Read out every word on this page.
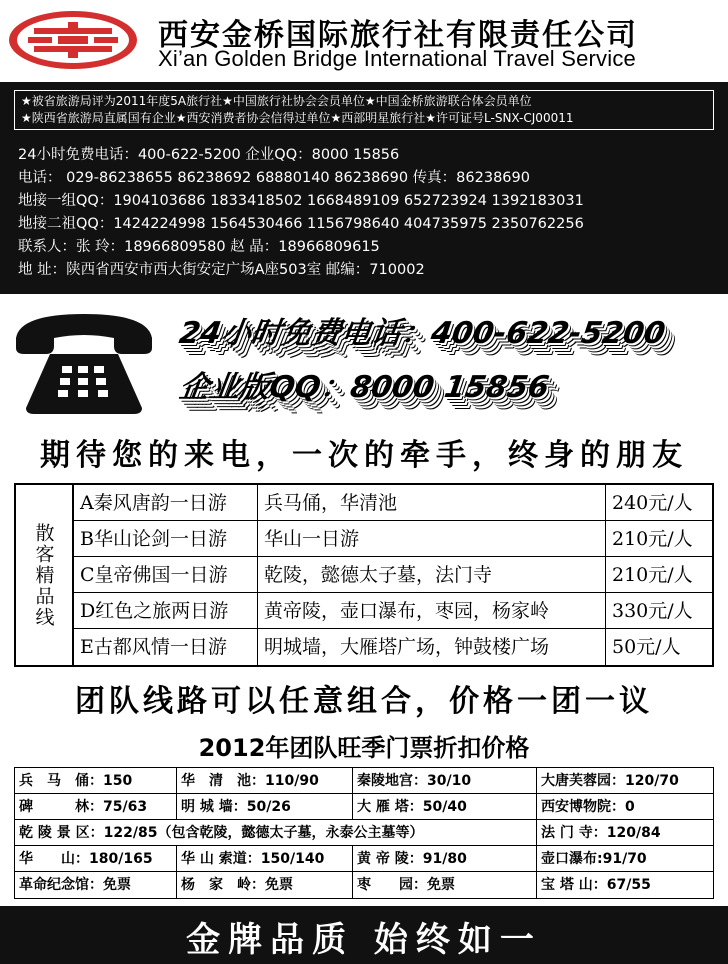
西安金桥国际旅行社有限责任公司
Xi’an Golden Bridge International Travel Service
★被省旅游局评为2011年度5A旅行社★中国旅行社协会会员单位★中国金桥旅游联合体会员单位
★陕西省旅游局直属国有企业★西安消费者协会信得过单位★西部明星旅行社★许可证号L-SNX-CJ00011
24小时免费电话：400-622-5200 企业QQ：8000 15856
电话： 029-86238655 86238692 68880140 86238690 传真：86238690
地接一组QQ：1904103686 1833418502 1668489109 652723924 1392183031
地接二祖QQ：1424224998 1564530466 1156798640 404735975 2350762256
联系人：张 玲：18966809580 赵 晶：18966809615
地 址：陕西省西安市西大街安定广场A座503室 邮编：710002
24小时免费电话：400-622-5200
企业版QQ：8000 15856
期待您的来电，一次的牵手，终身的朋友
散客精品线
A秦风唐韵一日游	兵马俑，华清池	240元/人
B华山论剑一日游	华山一日游	210元/人
C皇帝佛国一日游	乾陵，懿德太子墓，法门寺	210元/人
D红色之旅两日游	黄帝陵，壶口瀑布，枣园，杨家岭	330元/人
E古都风情一日游	明城墙，大雁塔广场，钟鼓楼广场	50元/人
团队线路可以任意组合，价格一团一议
2012年团队旺季门票折扣价格
兵　马　俑：150	华　清　池：110/90	秦陵地宫：30/10	大唐芙蓉园：120/70
碑　　　林：75/63	明 城 墙：50/26	大 雁 塔：50/40	西安博物院：0
乾 陵 景 区：122/85（包含乾陵，懿德太子墓，永泰公主墓等）	法 门 寺：120/84
华　　山：180/165	华 山 索道：150/140	黄 帝 陵：91/80	壶口瀑布:91/70
革命纪念馆：免票	杨　家　岭：免票	枣　　园：免票	宝 塔 山：67/55
金牌品质 始终如一
